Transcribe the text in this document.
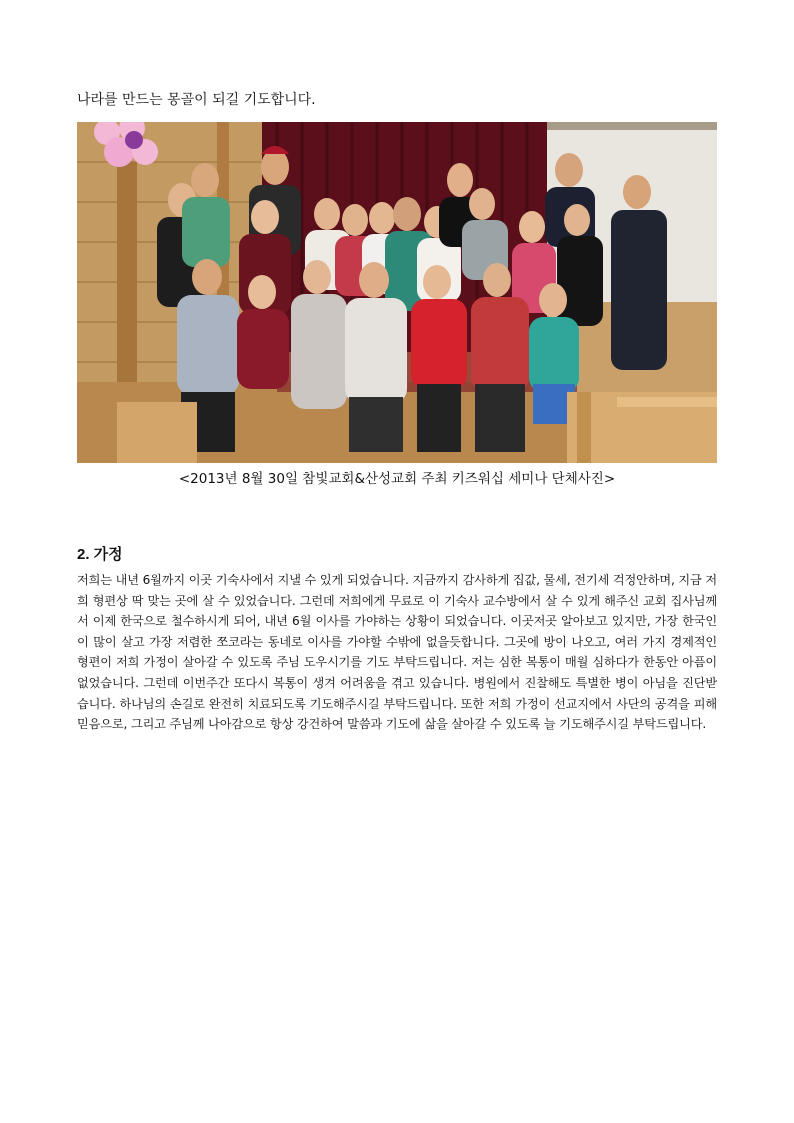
나라를 만드는 몽골이 되길 기도합니다.
<2013년 8월 30일 참빛교회&산성교회 주최 키즈워십 세미나 단체사진>
2. 가정
저희는 내년 6월까지 이곳 기숙사에서 지낼 수 있게 되었습니다. 지금까지 감사하게 집값, 물세, 전기세 걱정안하며, 지금 저희 형편상 딱 맞는 곳에 살 수 있었습니다. 그런데 저희에게 무료로 이 기숙사 교수방에서 살 수 있게 해주신 교회 집사님께서 이제 한국으로 철수하시게 되어, 내년 6월 이사를 가야하는 상황이 되었습니다. 이곳저곳 알아보고 있지만, 가장 한국인이 많이 살고 가장 저렴한 쪼코라는 동네로 이사를 가야할 수밖에 없을듯합니다. 그곳에 방이 나오고, 여러 가지 경제적인 형편이 저희 가정이 살아갈 수 있도록 주님 도우시기를 기도 부탁드립니다. 저는 심한 복통이 매월 심하다가 한동안 아픔이 없었습니다. 그런데 이번주간 또다시 복통이 생겨 어려움을 겪고 있습니다. 병원에서 진찰해도 특별한 병이 아님을 진단받습니다. 하나님의 손길로 완전히 치료되도록 기도해주시길 부탁드립니다. 또한 저희 가정이 선교지에서 사단의 공격을 피해 믿음으로, 그리고 주님께 나아감으로 항상 강건하여 말씀과 기도에 삶을 살아갈 수 있도록 늘 기도해주시길 부탁드립니다.
